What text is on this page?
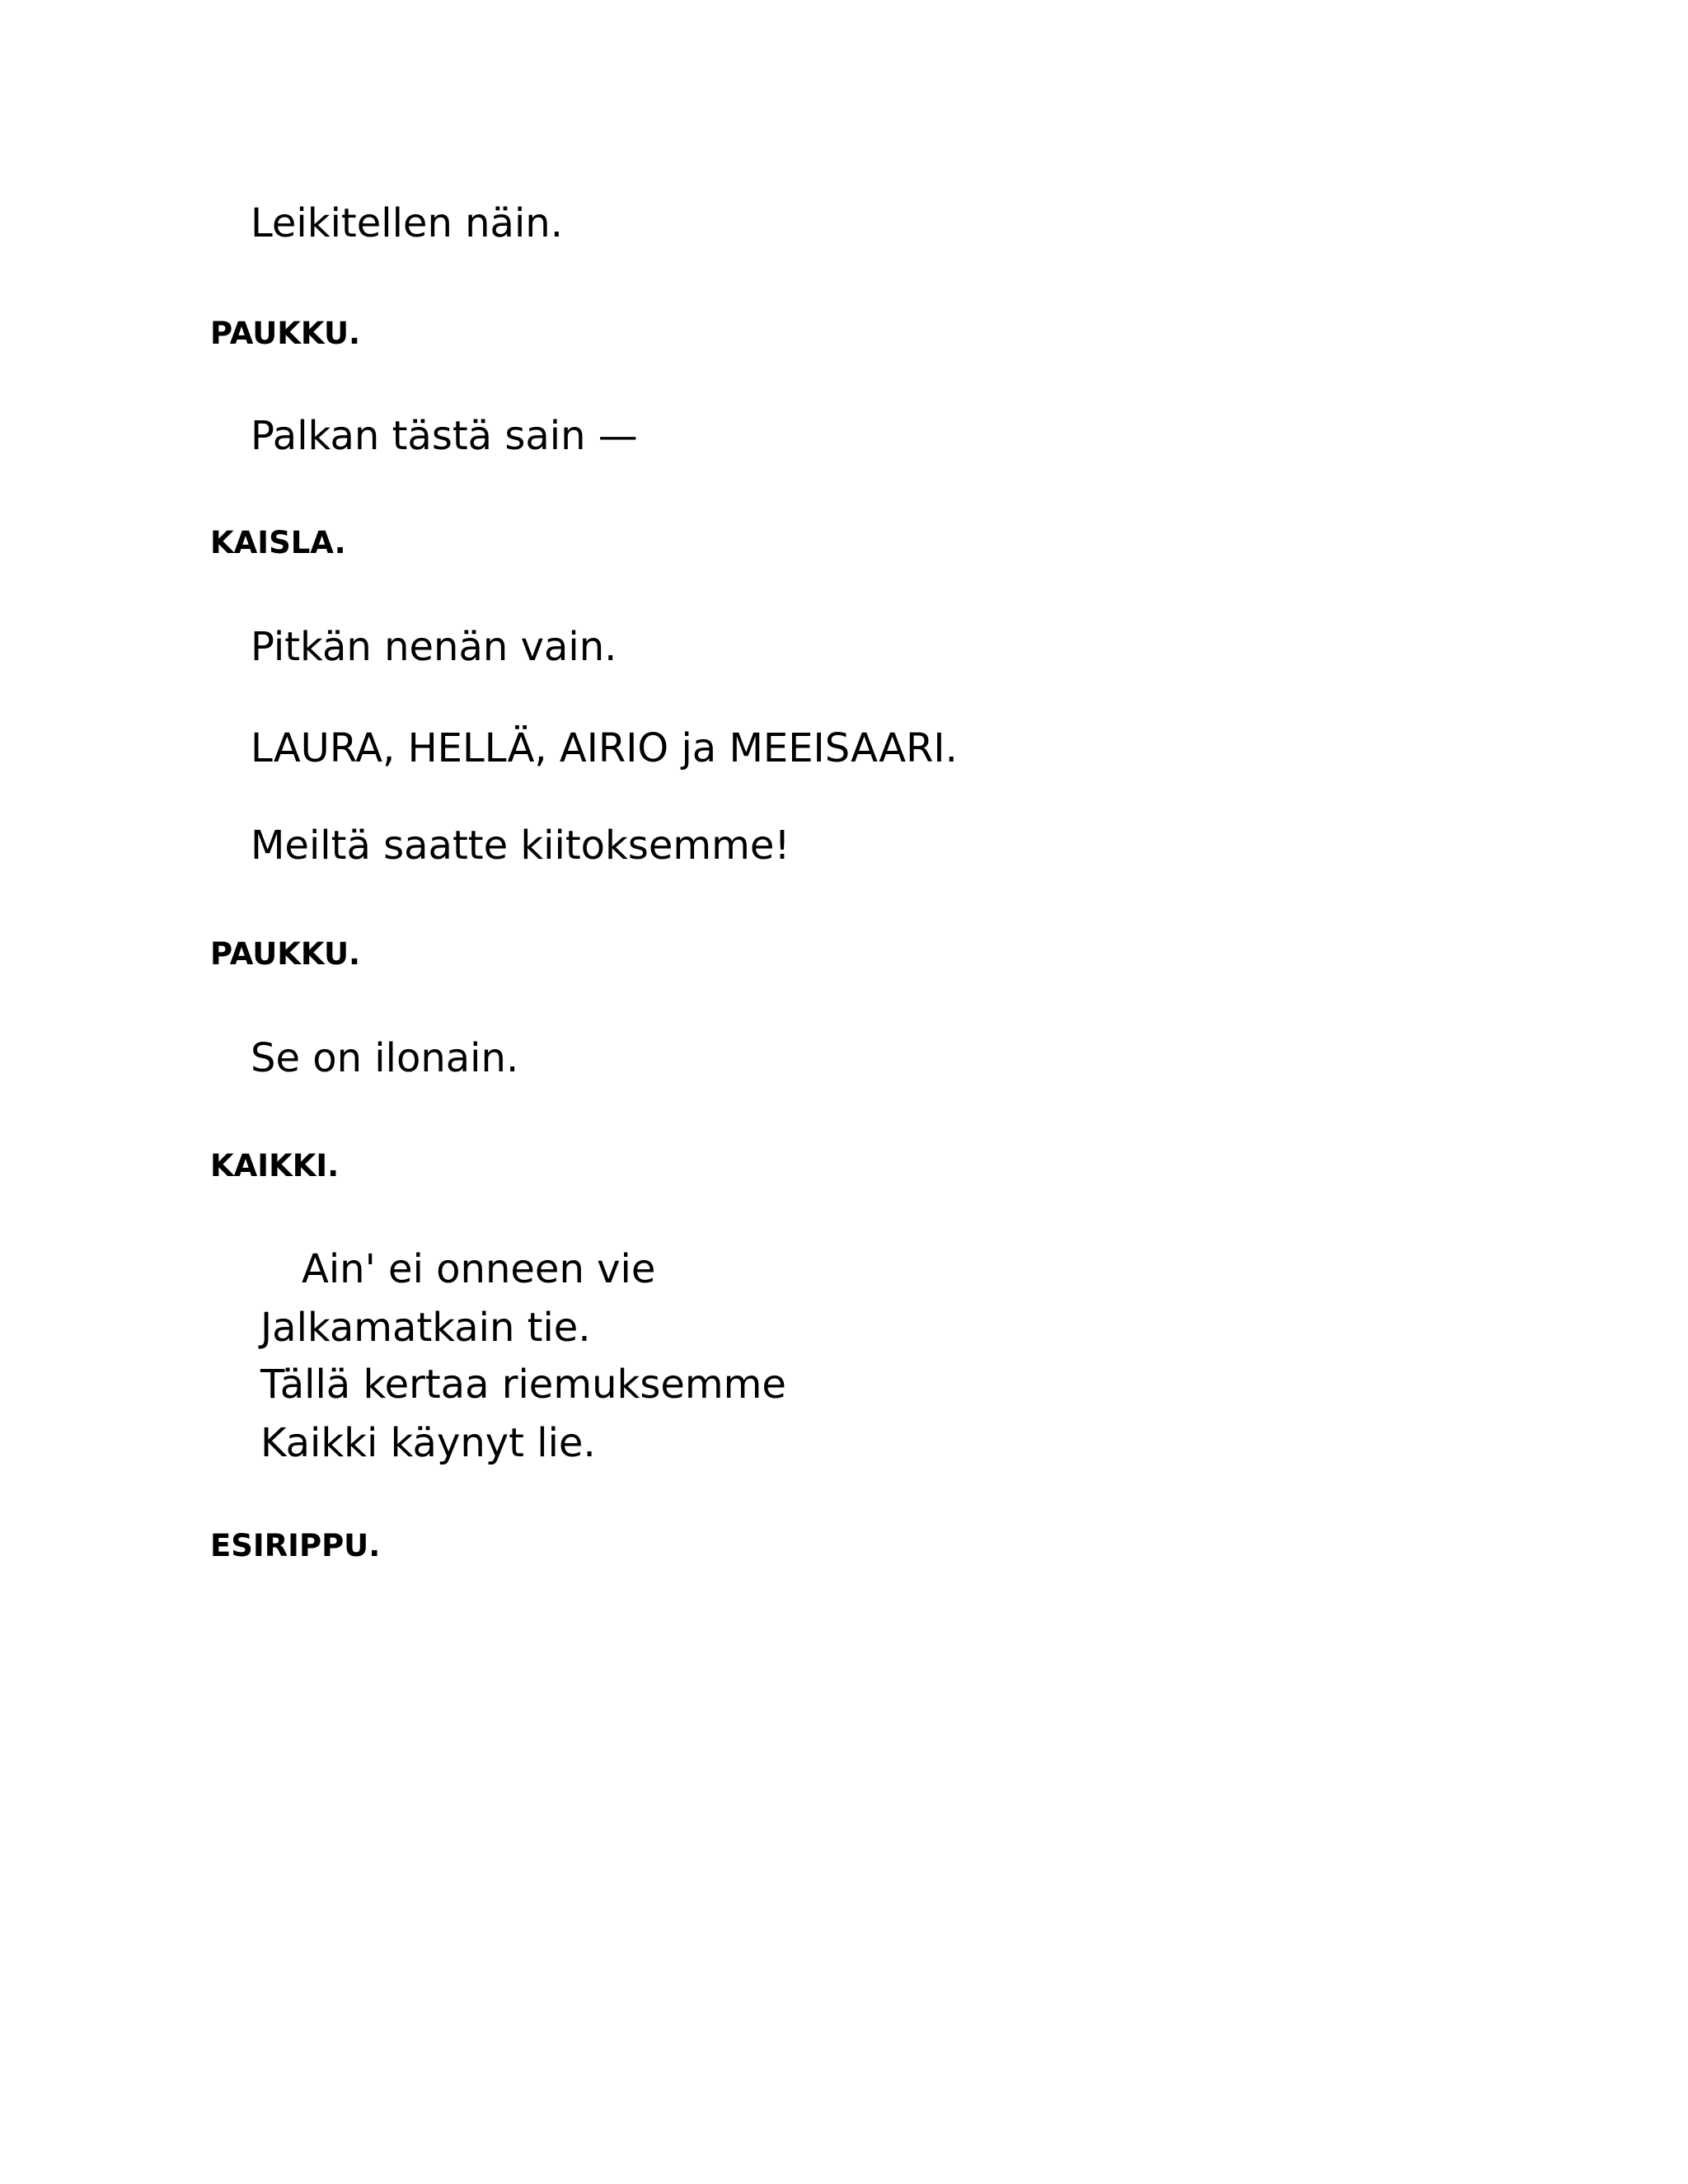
Leikitellen näin.

PAUKKU.

Palkan tästä sain —

KAISLA.

Pitkän nenän vain.

LAURA, HELLÄ, AIRIO ja MEEISAARI.

Meiltä saatte kiitoksemme!

PAUKKU.

Se on ilonain.

KAIKKI.

Ain' ei onneen vie

Jalkamatkain tie.

Tällä kertaa riemuksemme

Kaikki käynyt lie.

ESIRIPPU.
